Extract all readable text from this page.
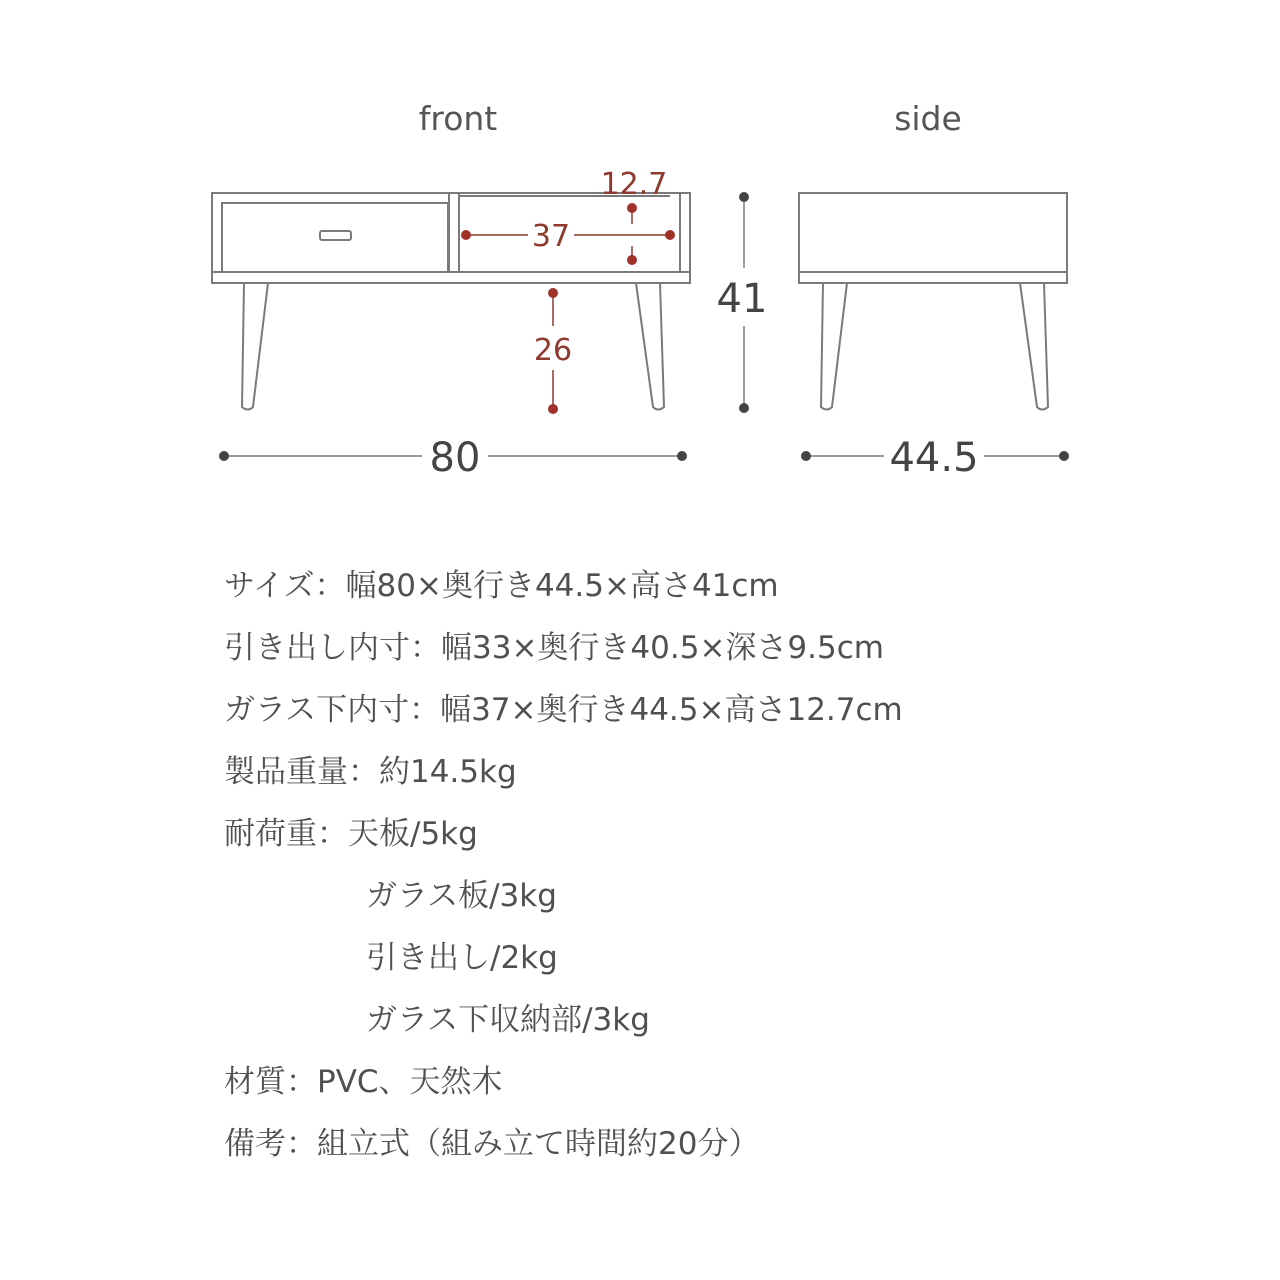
front	side
80	44.5
41
12.7
37
26
サイズ：幅80×奥行き44.5×高さ41cm
引き出し内寸：幅33×奥行き40.5×深さ9.5cm
ガラス下内寸：幅37×奥行き44.5×高さ12.7cm
製品重量：約14.5kg
耐荷重：天板/5kg
ガラス板/3kg
引き出し/2kg
ガラス下収納部/3kg
材質：PVC、天然木
備考：組立式（組み立て時間約20分）
